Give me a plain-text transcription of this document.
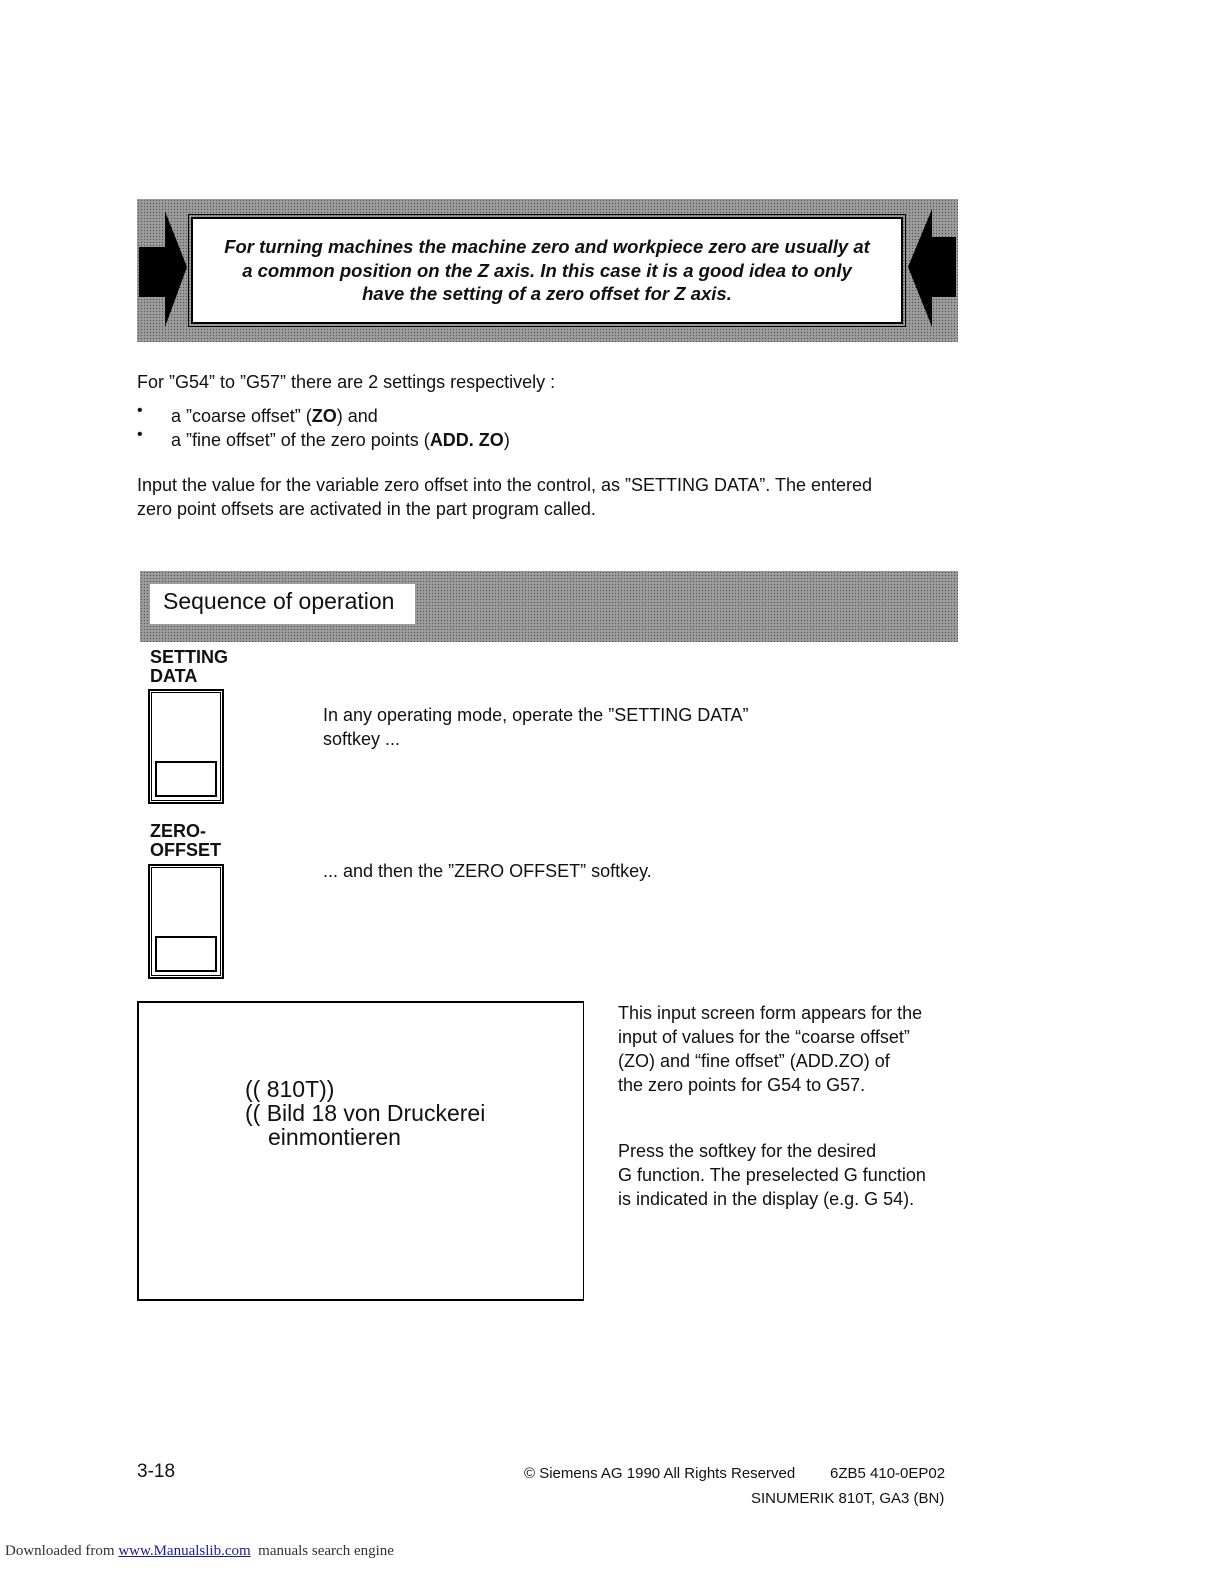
For turning machines the machine zero and workpiece zero are usually at
a common position on the Z axis. In this case it is a good idea to only
have the setting of a zero offset for Z axis.

For ”G54” to ”G57” there are 2 settings respectively :

• a ”coarse offset” (ZO) and

• a ”fine offset” of the zero points (ADD. ZO)

Input the value for the variable zero offset into the control, as ”SETTING DATA”. The entered
zero point offsets are activated in the part program called.

Sequence of operation

SETTING
DATA

In any operating mode, operate the ”SETTING DATA”
softkey ...

ZERO-
OFFSET

... and then the ”ZERO OFFSET” softkey.

(( 810T))
(( Bild 18 von Druckerei
einmontieren

This input screen form appears for the
input of values for the “coarse offset”
(ZO) and “fine offset” (ADD.ZO) of
the zero points for G54 to G57.

Press the softkey for the desired
G function. The preselected G function
is indicated in the display (e.g. G 54).

3-18	© Siemens AG 1990 All Rights Reserved 6ZB5 410-0EP02

SINUMERIK 810T, GA3 (BN)

Downloaded from www.Manualslib.com  manuals search engine
